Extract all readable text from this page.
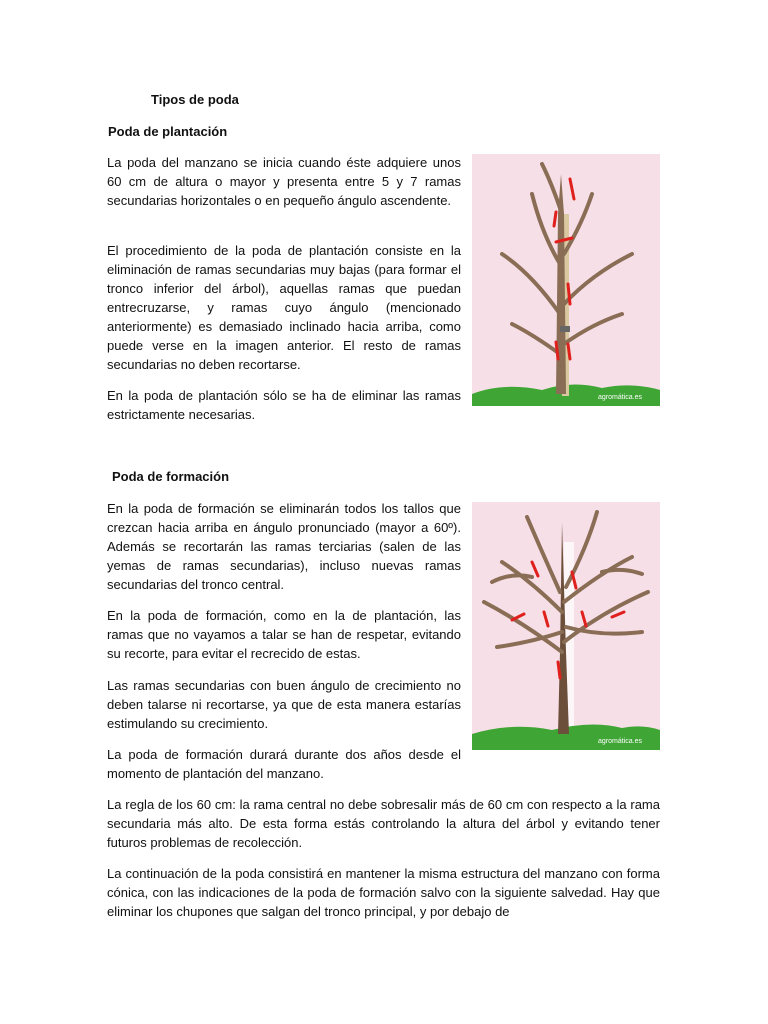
Tipos de poda
Poda de plantación

La poda del manzano se inicia cuando éste adquiere unos 60 cm de altura o mayor y presenta entre 5 y 7 ramas secundarias horizontales o en pequeño ángulo ascendente.

El procedimiento de la poda de plantación consiste en la eliminación de ramas secundarias muy bajas (para formar el tronco inferior del árbol), aquellas ramas que puedan entrecruzarse, y ramas cuyo ángulo (mencionado anteriormente) es demasiado inclinado hacia arriba, como puede verse en la imagen anterior. El resto de ramas secundarias no deben recortarse.

En la poda de plantación sólo se ha de eliminar las ramas estrictamente necesarias.

agromática.es
Poda de formación

En la poda de formación se eliminarán todos los tallos que crezcan hacia arriba en ángulo pronunciado (mayor a 60º). Además se recortarán las ramas terciarias (salen de las yemas de ramas secundarias), incluso nuevas ramas secundarias del tronco central.

En la poda de formación, como en la de plantación, las ramas que no vayamos a talar se han de respetar, evitando su recorte, para evitar el recrecido de estas.

Las ramas secundarias con buen ángulo de crecimiento no deben talarse ni recortarse, ya que de esta manera estarías estimulando su crecimiento.

La poda de formación durará durante dos años desde el momento de plantación del manzano.

agromática.es

La regla de los 60 cm: la rama central no debe sobresalir más de 60 cm con respecto a la rama secundaria más alto. De esta forma estás controlando la altura del árbol y evitando tener futuros problemas de recolección.

La continuación de la poda consistirá en mantener la misma estructura del manzano con forma cónica, con las indicaciones de la poda de formación salvo con la siguiente salvedad. Hay que eliminar los chupones que salgan del tronco principal, y por debajo de
